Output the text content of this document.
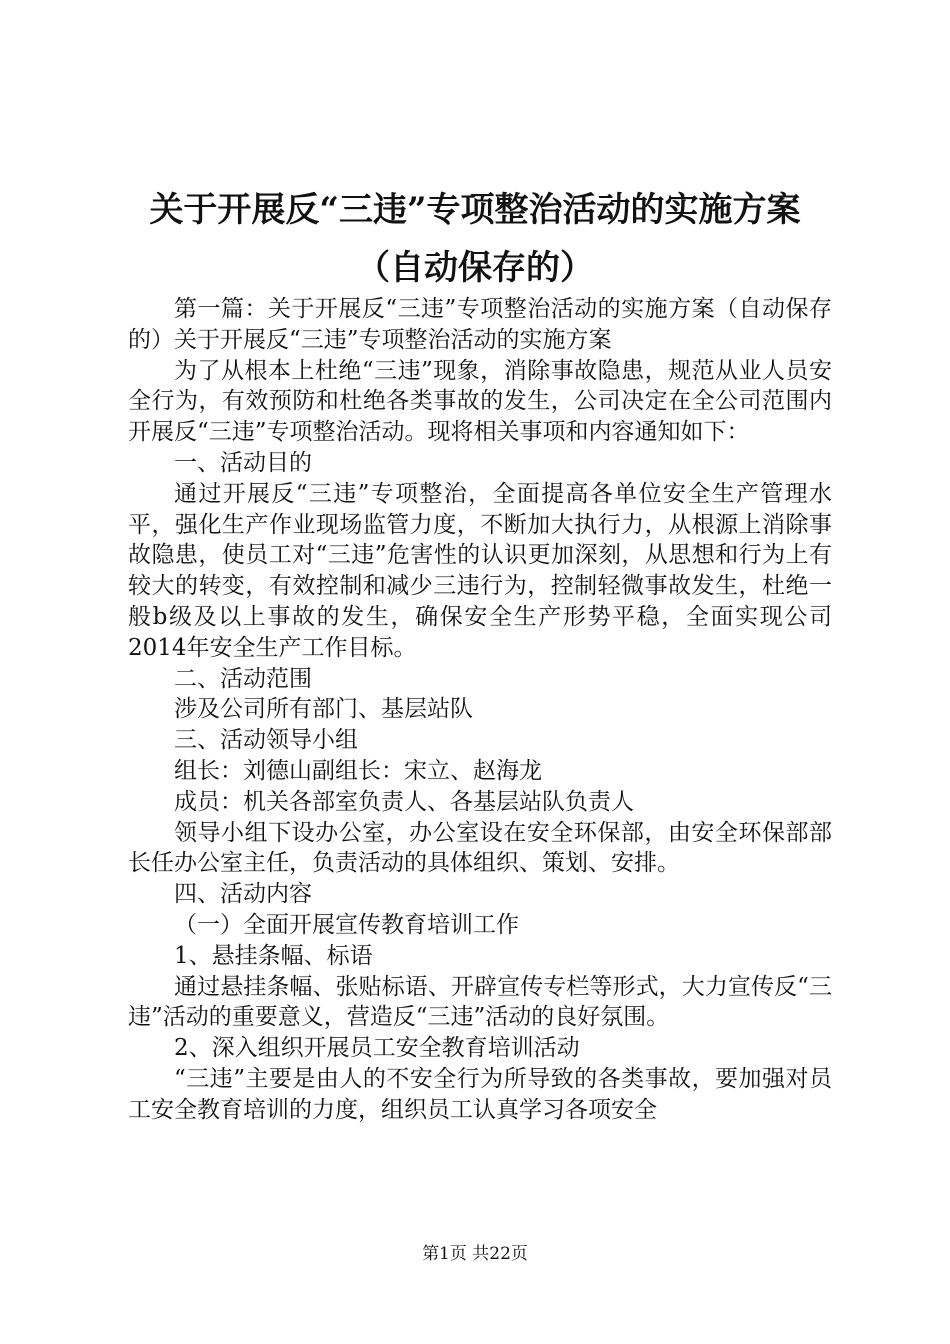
关于开展反“三违”专项整治活动的实施方案
（自动保存的）

第一篇：关于开展反“三违”专项整治活动的实施方案（自动保存的）关于开展反“三违”专项整治活动的实施方案

为了从根本上杜绝“三违”现象，消除事故隐患，规范从业人员安全行为，有效预防和杜绝各类事故的发生，公司决定在全公司范围内开展反“三违”专项整治活动。现将相关事项和内容通知如下：

一、活动目的

通过开展反“三违”专项整治，全面提高各单位安全生产管理水平，强化生产作业现场监管力度，不断加大执行力，从根源上消除事故隐患，使员工对“三违”危害性的认识更加深刻，从思想和行为上有较大的转变，有效控制和减少三违行为，控制轻微事故发生，杜绝一般b级及以上事故的发生，确保安全生产形势平稳，全面实现公司2014年安全生产工作目标。

二、活动范围

涉及公司所有部门、基层站队

三、活动领导小组

组长：刘德山副组长：宋立、赵海龙

成员：机关各部室负责人、各基层站队负责人

领导小组下设办公室，办公室设在安全环保部，由安全环保部部长任办公室主任，负责活动的具体组织、策划、安排。

四、活动内容

（一）全面开展宣传教育培训工作

1、悬挂条幅、标语

通过悬挂条幅、张贴标语、开辟宣传专栏等形式，大力宣传反“三违”活动的重要意义，营造反“三违”活动的良好氛围。

2、深入组织开展员工安全教育培训活动

“三违”主要是由人的不安全行为所导致的各类事故，要加强对员工安全教育培训的力度，组织员工认真学习各项安全

第1页 共22页
